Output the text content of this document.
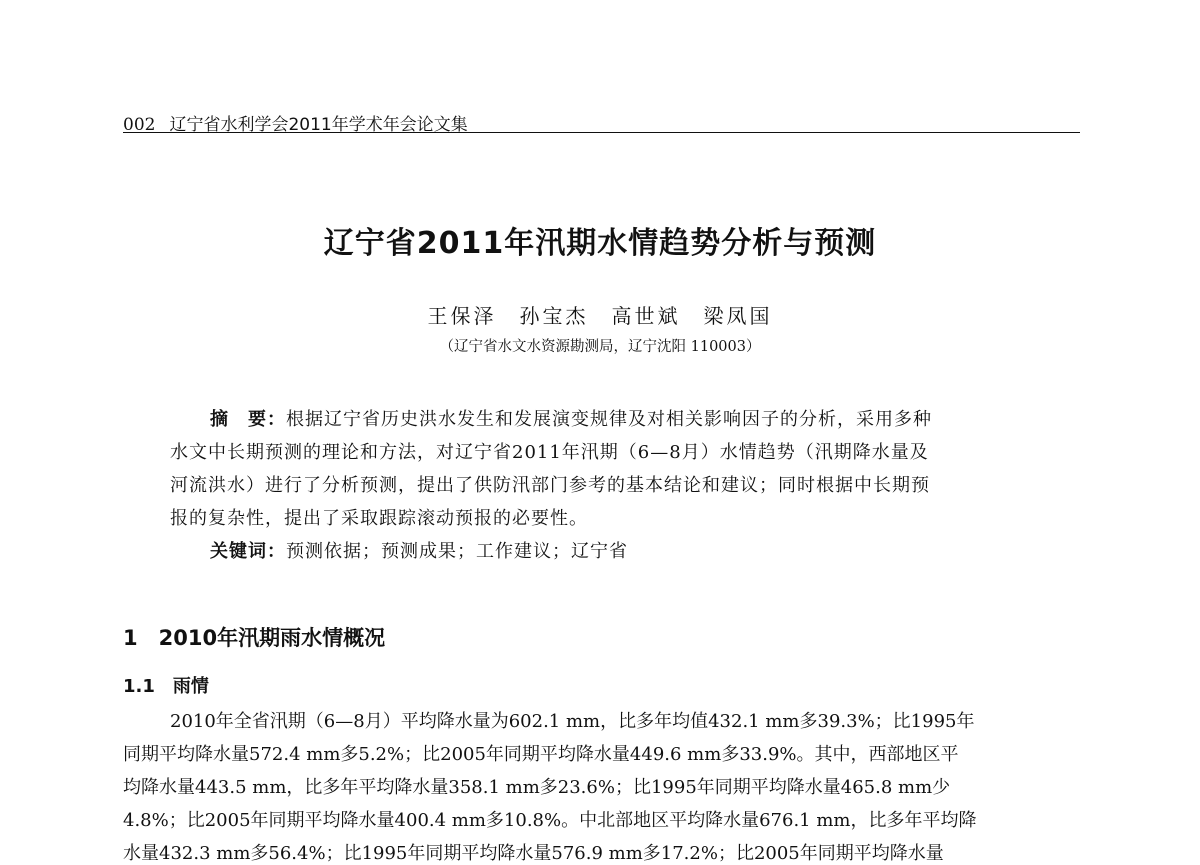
002 辽宁省水利学会2011年学术年会论文集
辽宁省2011年汛期水情趋势分析与预测
王保泽　 孙宝杰　 高世斌　 梁凤国
（辽宁省水文水资源勘测局，辽宁沈阳 110003）
摘　要：根据辽宁省历史洪水发生和发展演变规律及对相关影响因子的分析，采用多种
水文中长期预测的理论和方法，对辽宁省2011年汛期（6—8月）水情趋势（汛期降水量及
河流洪水）进行了分析预测，提出了供防汛部门参考的基本结论和建议；同时根据中长期预
报的复杂性，提出了采取跟踪滚动预报的必要性。
关键词：预测依据；预测成果；工作建议；辽宁省
1　 2010年汛期雨水情概况
1.1　 雨情
2010年全省汛期（6—8月）平均降水量为602.1 mm，比多年均值432.1 mm多39.3%；比1995年
同期平均降水量572.4 mm多5.2%；比2005年同期平均降水量449.6 mm多33.9%。其中，西部地区平
均降水量443.5 mm，比多年平均降水量358.1 mm多23.6%；比1995年同期平均降水量465.8 mm少
4.8%；比2005年同期平均降水量400.4 mm多10.8%。中北部地区平均降水量676.1 mm，比多年平均降
水量432.3 mm多56.4%；比1995年同期平均降水量576.9 mm多17.2%；比2005年同期平均降水量
